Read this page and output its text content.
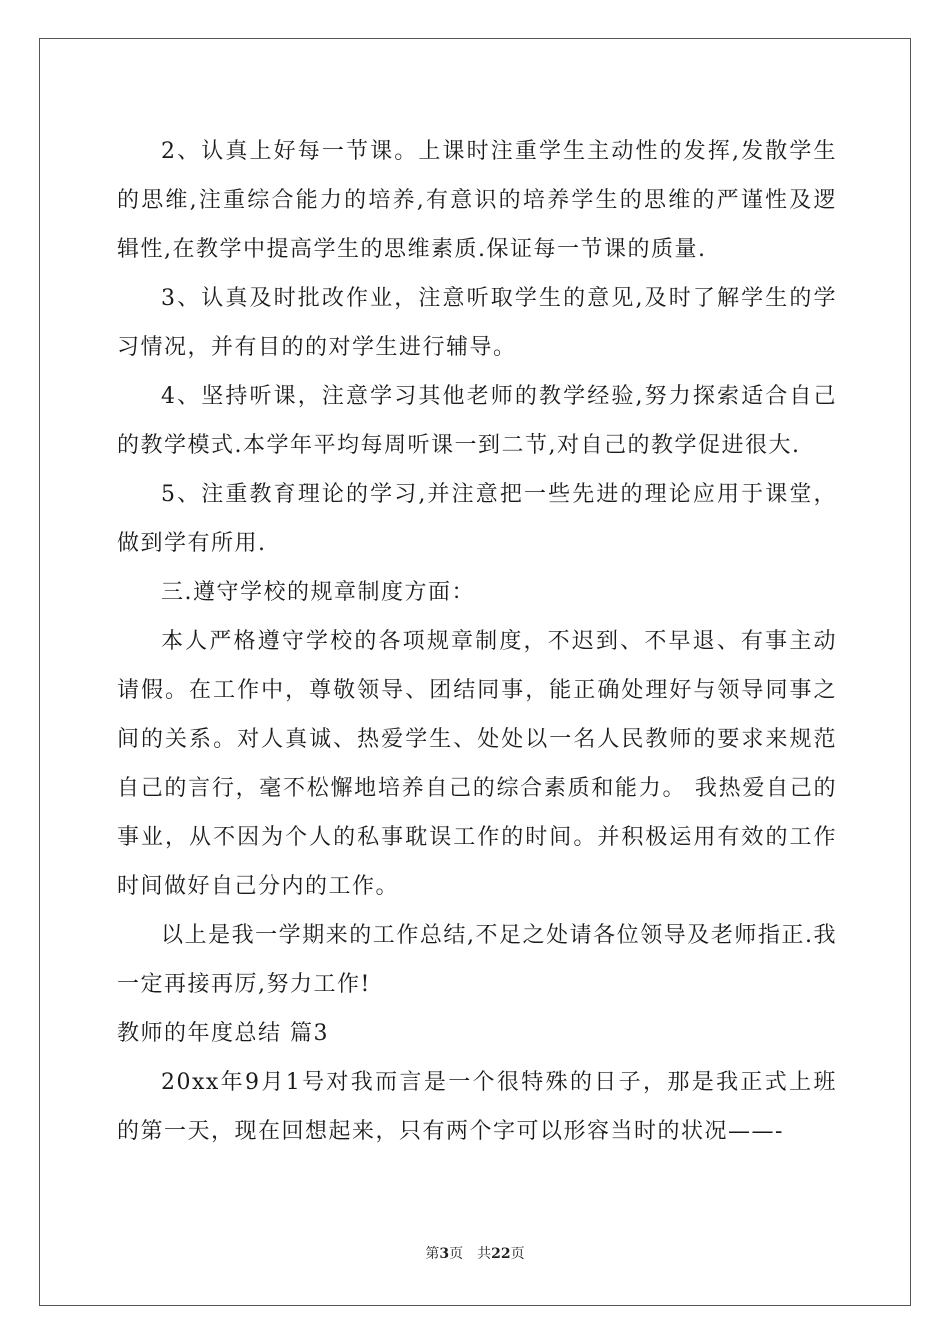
2、认真上好每一节课。上课时注重学生主动性的发挥,发散学生的思维,注重综合能力的培养,有意识的培养学生的思维的严谨性及逻辑性,在教学中提高学生的思维素质.保证每一节课的质量.

3、认真及时批改作业，注意听取学生的意见,及时了解学生的学习情况，并有目的的对学生进行辅导。

4、坚持听课，注意学习其他老师的教学经验,努力探索适合自己的教学模式.本学年平均每周听课一到二节,对自己的教学促进很大.

5、注重教育理论的学习,并注意把一些先进的理论应用于课堂，做到学有所用.

三.遵守学校的规章制度方面：

本人严格遵守学校的各项规章制度，不迟到、不早退、有事主动请假。在工作中，尊敬领导、团结同事，能正确处理好与领导同事之间的关系。对人真诚、热爱学生、处处以一名人民教师的要求来规范自己的言行，毫不松懈地培养自己的综合素质和能力。 我热爱自己的事业，从不因为个人的私事耽误工作的时间。并积极运用有效的工作时间做好自己分内的工作。

以上是我一学期来的工作总结,不足之处请各位领导及老师指正.我一定再接再厉,努力工作!

教师的年度总结 篇3

20xx年9月1号对我而言是一个很特殊的日子，那是我正式上班的第一天，现在回想起来，只有两个字可以形容当时的状况——-

第3页 共22页
